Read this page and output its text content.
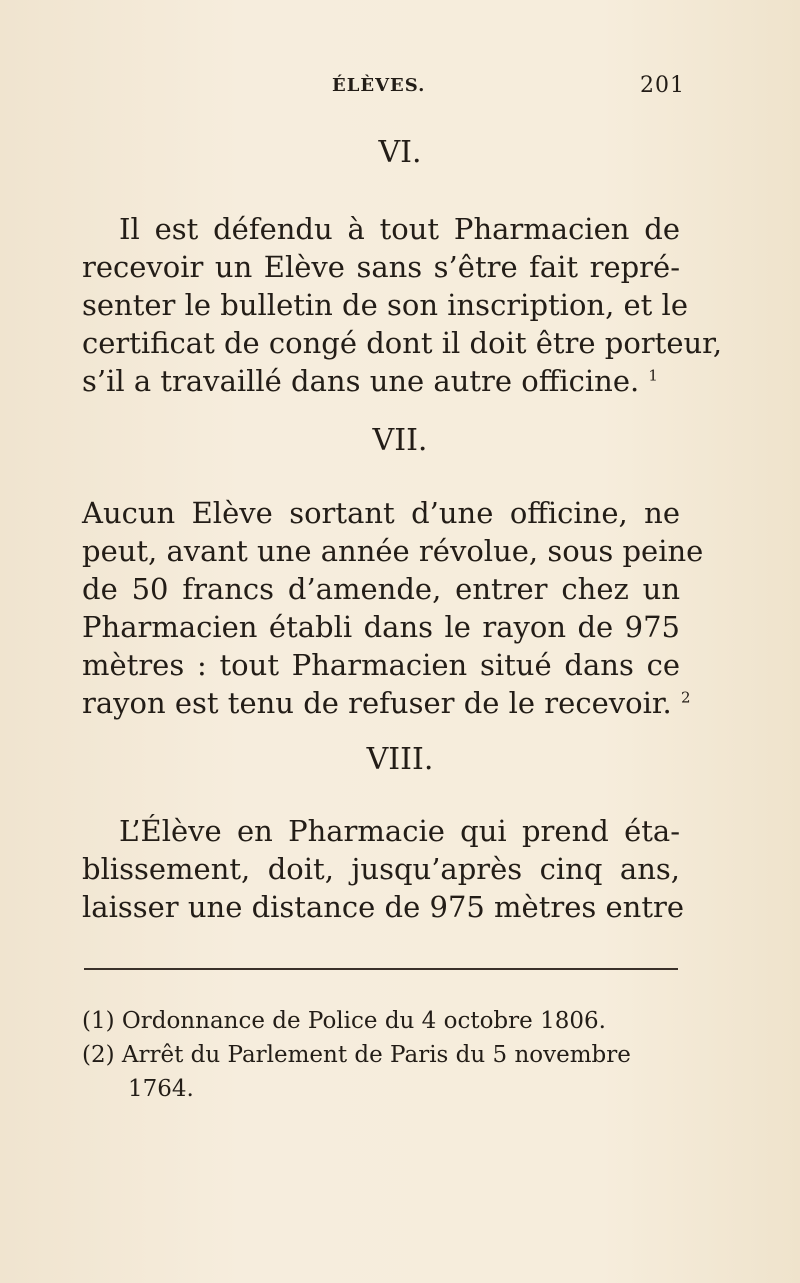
ÉLÈVES.	201
VI.
Il est défendu à tout Pharmacien de
recevoir un Elève sans s’être fait repré-
senter le bulletin de son inscription, et le
certificat de congé dont il doit être porteur,
s’il a travaillé dans une autre officine. $^1$
VII.
Aucun Elève sortant d’une officine, ne
peut, avant une année révolue, sous peine
de 50 francs d’amende, entrer chez un
Pharmacien établi dans le rayon de 975
mètres : tout Pharmacien situé dans ce
rayon est tenu de refuser de le recevoir. $^2$
VIII.
L’Élève en Pharmacie qui prend éta-
blissement, doit, jusqu’après cinq ans,
laisser une distance de 975 mètres entre
(1) Ordonnance de Police du 4 octobre 1806.
(2) Arrêt du Parlement de Paris du 5 novembre
1764.
